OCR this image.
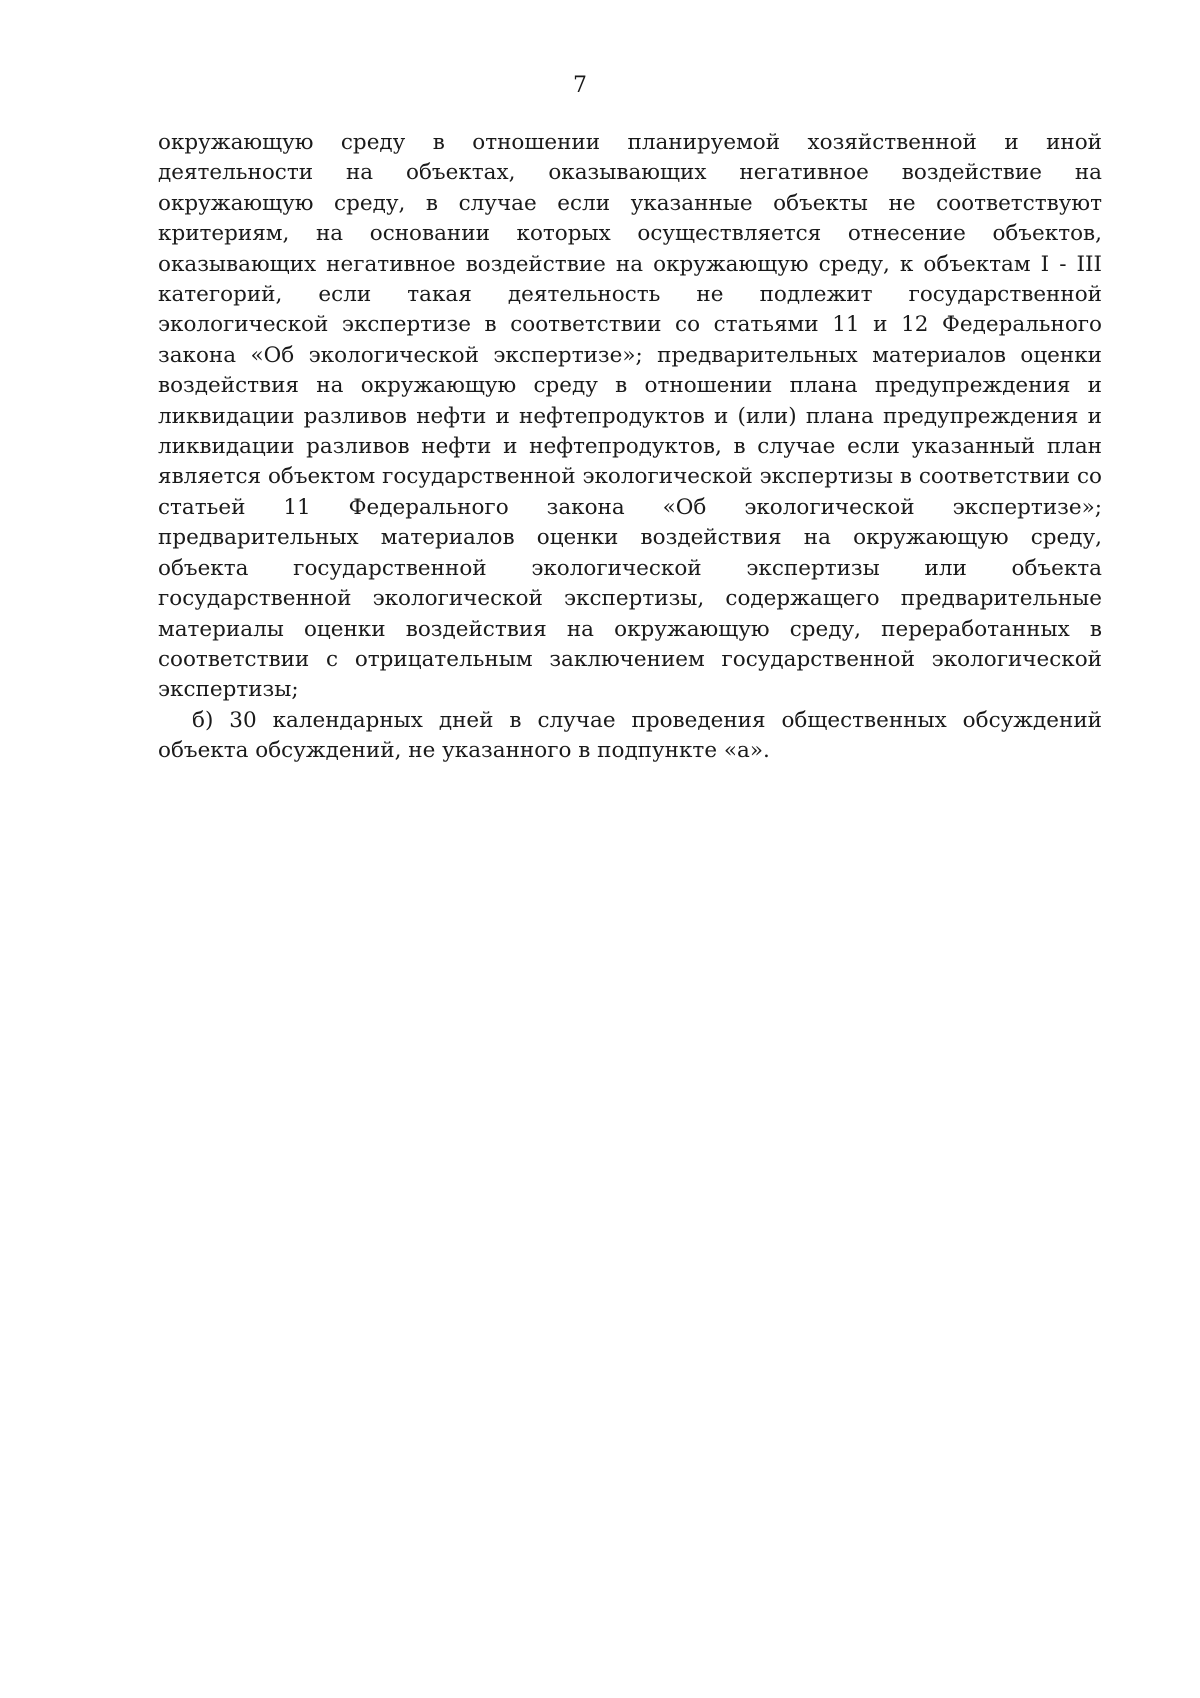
7

окружающую среду в отношении планируемой хозяйственной и иной деятельности на объектах, оказывающих негативное воздействие на окружающую среду, в случае если указанные объекты не соответствуют критериям, на основании которых осуществляется отнесение объектов, оказывающих негативное воздействие на окружающую среду, к объектам I - III категорий, если такая деятельность не подлежит государственной экологической экспертизе в соответствии со статьями 11 и 12 Федерального закона «Об экологической экспертизе»; предварительных материалов оценки воздействия на окружающую среду в отношении плана предупреждения и ликвидации разливов нефти и нефтепродуктов и (или) плана предупреждения и ликвидации разливов нефти и нефтепродуктов, в случае если указанный план является объектом государственной экологической экспертизы в соответствии со статьей 11 Федерального закона «Об экологической экспертизе»; предварительных материалов оценки воздействия на окружающую среду, объекта государственной экологической экспертизы или объекта государственной экологической экспертизы, содержащего предварительные материалы оценки воздействия на окружающую среду, переработанных в соответствии с отрицательным заключением государственной экологической экспертизы;

б) 30 календарных дней в случае проведения общественных обсуждений объекта обсуждений, не указанного в подпункте «а».
